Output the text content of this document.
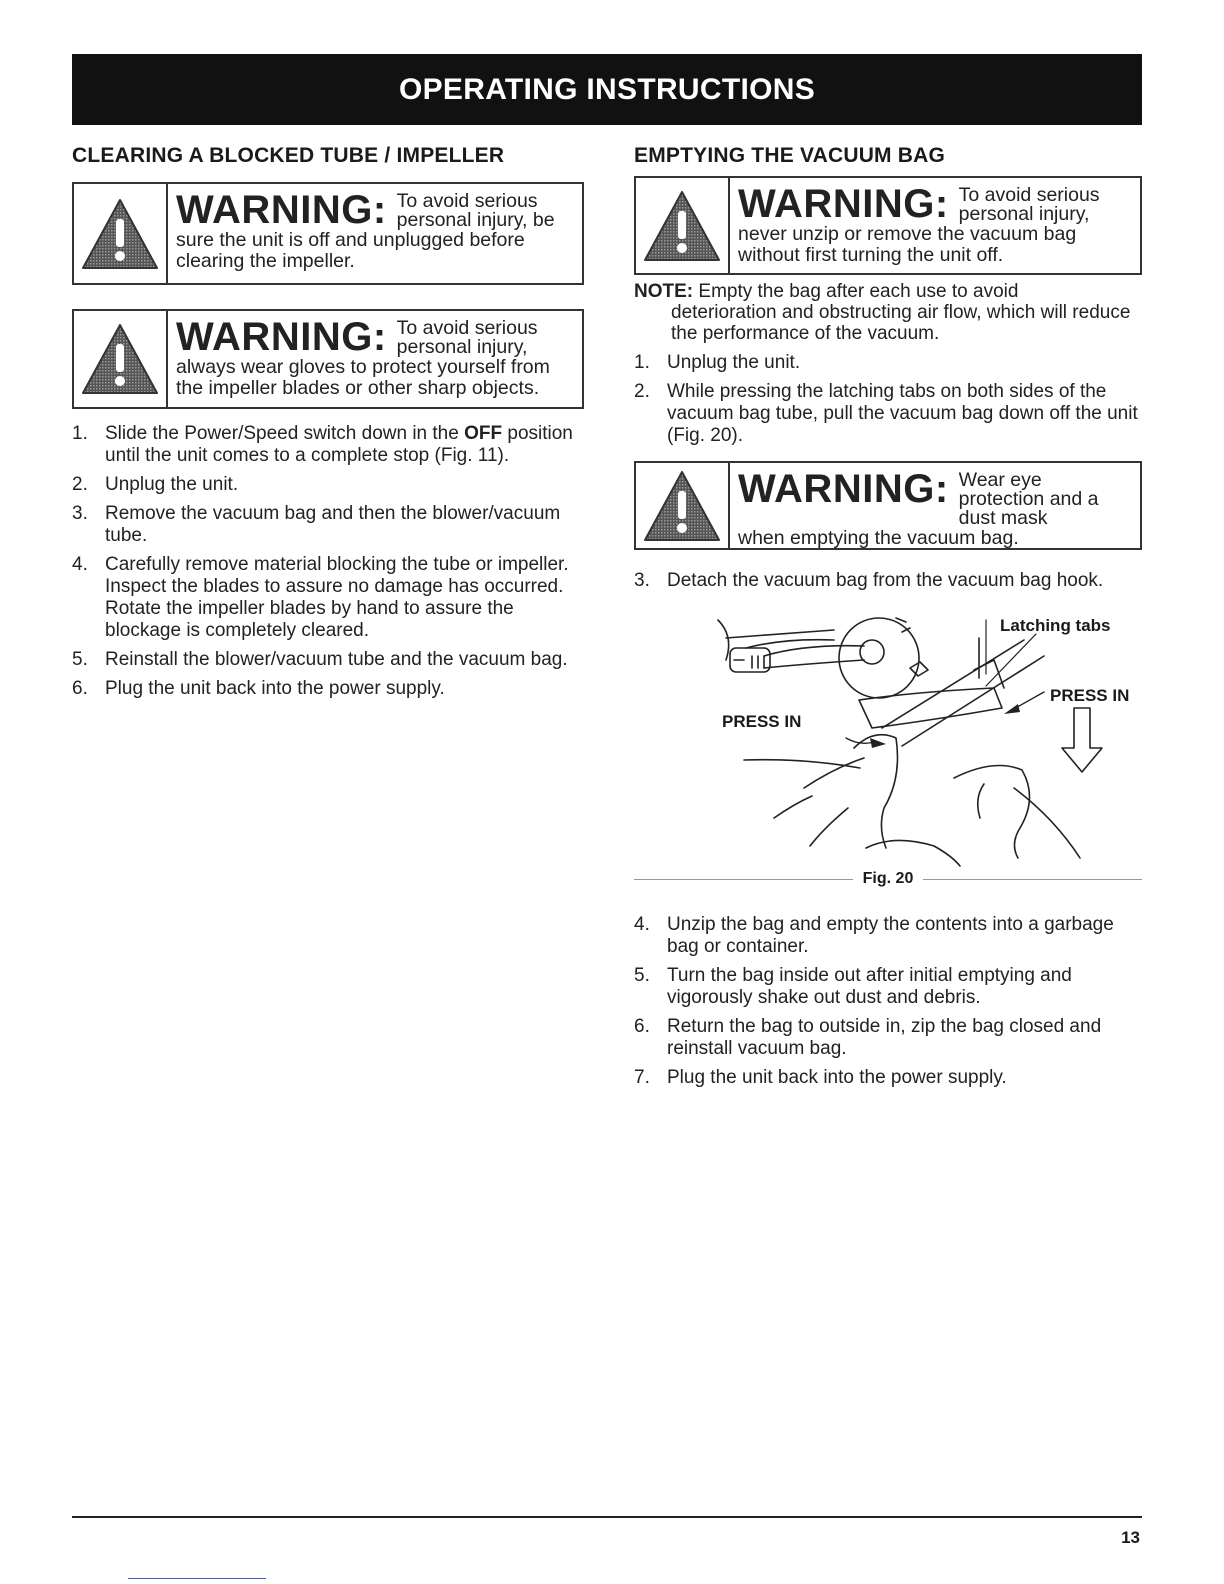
OPERATING INSTRUCTIONS
CLEARING A BLOCKED TUBE / IMPELLER
WARNING: To avoid serious personal injury, be
sure the unit is off and unplugged before clearing the impeller.
WARNING: To avoid serious personal injury,
always wear gloves to protect yourself from the impeller blades or other sharp objects.
1. Slide the Power/Speed switch down in the OFF position until the unit comes to a complete stop (Fig. 11).
2. Unplug the unit.
3. Remove the vacuum bag and then the blower/vacuum tube.
4. Carefully remove material blocking the tube or impeller. Inspect the blades to assure no damage has occurred. Rotate the impeller blades by hand to assure the blockage is completely cleared.
5. Reinstall the blower/vacuum tube and the vacuum bag.
6. Plug the unit back into the power supply.
EMPTYING THE VACUUM BAG
WARNING: To avoid serious personal injury,
never unzip or remove the vacuum bag without first turning the unit off.
NOTE: Empty the bag after each use to avoid
deterioration and obstructing air flow, which will reduce the performance of the vacuum.
1. Unplug the unit.
2. While pressing the latching tabs on both sides of the vacuum bag tube, pull the vacuum bag down off the unit (Fig. 20).
WARNING: Wear eye protection and a dust mask
when emptying the vacuum bag.
3. Detach the vacuum bag from the vacuum bag hook.
Latching tabs
PRESS IN
PRESS IN
Fig. 20
4. Unzip the bag and empty the contents into a garbage bag or container.
5. Turn the bag inside out after initial emptying and vigorously shake out dust and debris.
6. Return the bag to outside in, zip the bag closed and reinstall vacuum bag.
7. Plug the unit back into the power supply.
13
